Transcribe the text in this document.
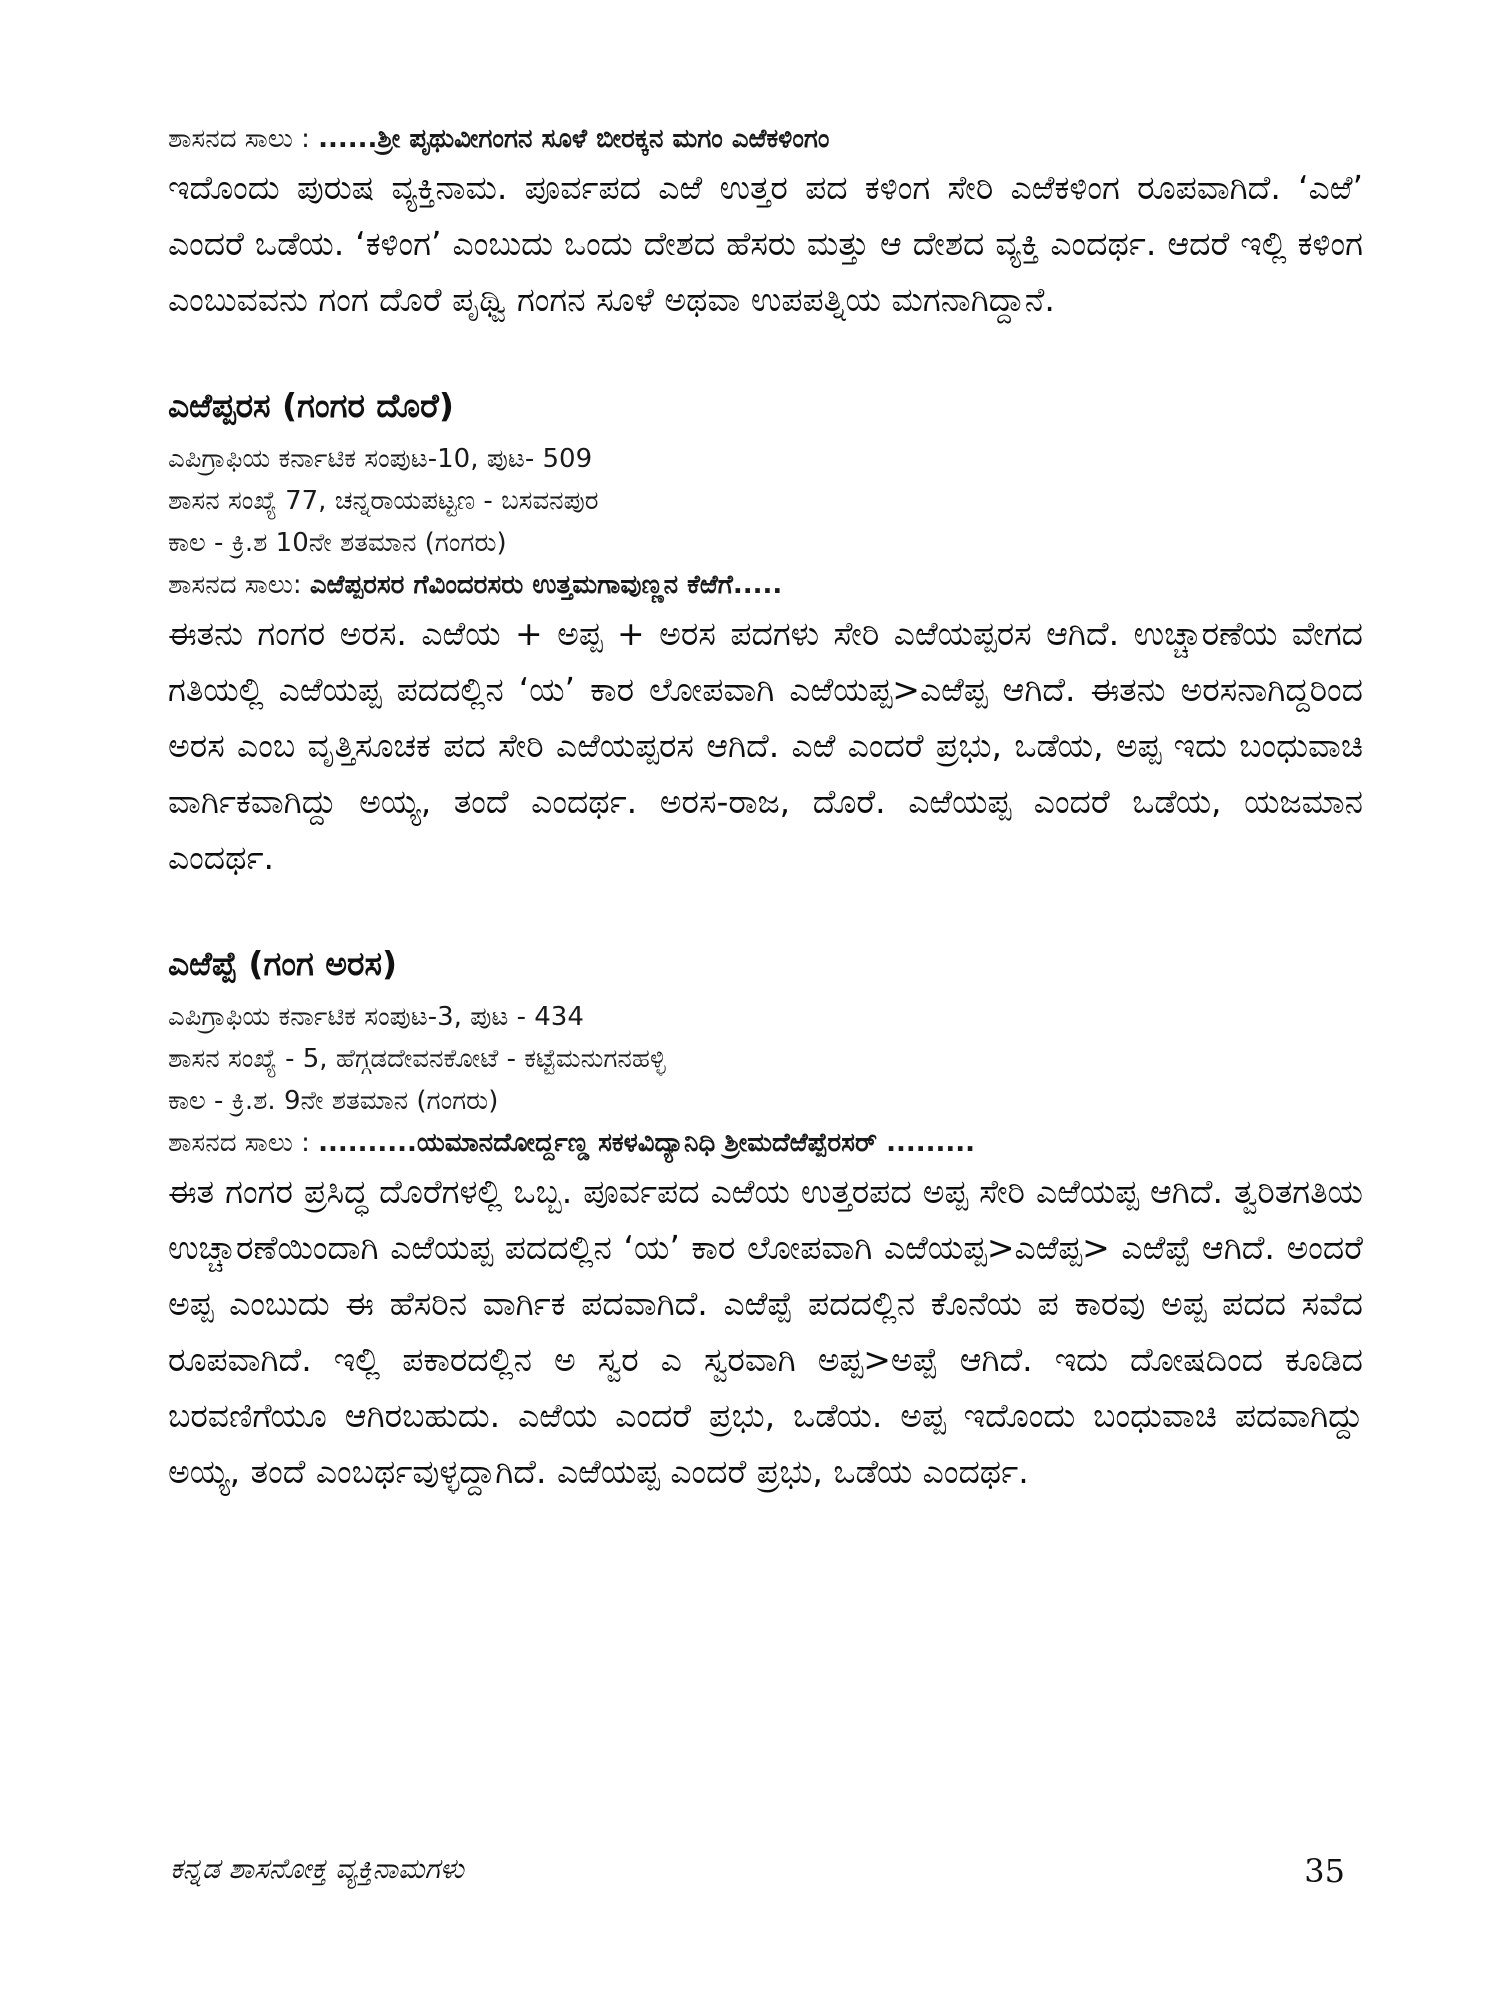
ಶಾಸನದ ಸಾಲು : ......ಶ್ರೀ ಪೃಥುವೀಗಂಗನ ಸೂಳೆ ಬೀರಕ್ಕನ ಮಗಂ ಎಱೆಕಳಿಂಗಂ

ಇದೊಂದು ಪುರುಷ ವ್ಯಕ್ತಿನಾಮ. ಪೂರ್ವಪದ ಎಱೆ ಉತ್ತರ ಪದ ಕಳಿಂಗ ಸೇರಿ ಎಱೆಕಳಿಂಗ ರೂಪವಾಗಿದೆ. ‘ಎಱೆ’ ಎಂದರೆ ಒಡೆಯ. ‘ಕಳಿಂಗ’ ಎಂಬುದು ಒಂದು ದೇಶದ ಹೆಸರು ಮತ್ತು ಆ ದೇಶದ ವ್ಯಕ್ತಿ ಎಂದರ್ಥ. ಆದರೆ ಇಲ್ಲಿ ಕಳಿಂಗ ಎಂಬುವವನು ಗಂಗ ದೊರೆ ಪೃಥ್ವಿ ಗಂಗನ ಸೂಳೆ ಅಥವಾ ಉಪಪತ್ನಿಯ ಮಗನಾಗಿದ್ದಾನೆ.

ಎಱೆಪ್ಪರಸ (ಗಂಗರ ದೊರೆ)
ಎಪಿಗ್ರಾಫಿಯ ಕರ್ನಾಟಿಕ ಸಂಪುಟ-10, ಪುಟ- 509
ಶಾಸನ ಸಂಖ್ಯೆ 77, ಚನ್ನರಾಯಪಟ್ಟಣ - ಬಸವನಪುರ
ಕಾಲ - ಕ್ರಿ.ಶ 10ನೇ ಶತಮಾನ (ಗಂಗರು)
ಶಾಸನದ ಸಾಲು: ಎಱೆಪ್ಪರಸರ ಗೆವಿಂದರಸರು ಉತ್ತಮಗಾವುಣ್ಣನ ಕೆಱೆಗೆ.....

ಈತನು ಗಂಗರ ಅರಸ. ಎಱೆಯ + ಅಪ್ಪ + ಅರಸ ಪದಗಳು ಸೇರಿ ಎಱೆಯಪ್ಪರಸ ಆಗಿದೆ. ಉಚ್ಚಾರಣೆಯ ವೇಗದ ಗತಿಯಲ್ಲಿ ಎಱೆಯಪ್ಪ ಪದದಲ್ಲಿನ ‘ಯ’ ಕಾರ ಲೋಪವಾಗಿ ಎಱೆಯಪ್ಪ>ಎಱೆಪ್ಪ ಆಗಿದೆ. ಈತನು ಅರಸನಾಗಿದ್ದರಿಂದ ಅರಸ ಎಂಬ ವೃತ್ತಿಸೂಚಕ ಪದ ಸೇರಿ ಎಱೆಯಪ್ಪರಸ ಆಗಿದೆ. ಎಱೆ ಎಂದರೆ ಪ್ರಭು, ಒಡೆಯ, ಅಪ್ಪ ಇದು ಬಂಧುವಾಚಿ ವಾರ್ಗಿಕವಾಗಿದ್ದು ಅಯ್ಯ, ತಂದೆ ಎಂದರ್ಥ. ಅರಸ-ರಾಜ, ದೊರೆ. ಎಱೆಯಪ್ಪ ಎಂದರೆ ಒಡೆಯ, ಯಜಮಾನ ಎಂದರ್ಥ.

ಎಱೆಪ್ಪೆ (ಗಂಗ ಅರಸ)
ಎಪಿಗ್ರಾಫಿಯ ಕರ್ನಾಟಿಕ ಸಂಪುಟ-3, ಪುಟ - 434
ಶಾಸನ ಸಂಖ್ಯೆ - 5, ಹೆಗ್ಗಡದೇವನಕೋಟೆ - ಕಟ್ಟೆಮನುಗನಹಳ್ಳಿ
ಕಾಲ - ಕ್ರಿ.ಶ. 9ನೇ ಶತಮಾನ (ಗಂಗರು)
ಶಾಸನದ ಸಾಲು : ..........ಯಮಾನದೋರ್ದ್ದಣ್ಡ ಸಕಳವಿದ್ಯಾನಿಧಿ ಶ್ರೀಮದೆಱೆಪ್ಪೆರಸರ್ .........

ಈತ ಗಂಗರ ಪ್ರಸಿದ್ಧ ದೊರೆಗಳಲ್ಲಿ ಒಬ್ಬ. ಪೂರ್ವಪದ ಎಱೆಯ ಉತ್ತರಪದ ಅಪ್ಪ ಸೇರಿ ಎಱೆಯಪ್ಪ ಆಗಿದೆ. ತ್ವರಿತಗತಿಯ ಉಚ್ಚಾರಣೆಯಿಂದಾಗಿ ಎಱೆಯಪ್ಪ ಪದದಲ್ಲಿನ ‘ಯ’ ಕಾರ ಲೋಪವಾಗಿ ಎಱೆಯಪ್ಪ>ಎಱೆಪ್ಪ> ಎಱೆಪ್ಪೆ ಆಗಿದೆ. ಅಂದರೆ ಅಪ್ಪ ಎಂಬುದು ಈ ಹೆಸರಿನ ವಾರ್ಗಿಕ ಪದವಾಗಿದೆ. ಎಱೆಪ್ಪೆ ಪದದಲ್ಲಿನ ಕೊನೆಯ ಪ ಕಾರವು ಅಪ್ಪ ಪದದ ಸವೆದ ರೂಪವಾಗಿದೆ. ಇಲ್ಲಿ ಪಕಾರದಲ್ಲಿನ ಅ ಸ್ವರ ಎ ಸ್ವರವಾಗಿ ಅಪ್ಪ>ಅಪ್ಪೆ ಆಗಿದೆ. ಇದು ದೋಷದಿಂದ ಕೂಡಿದ ಬರವಣಿಗೆಯೂ ಆಗಿರಬಹುದು. ಎಱೆಯ ಎಂದರೆ ಪ್ರಭು, ಒಡೆಯ. ಅಪ್ಪ ಇದೊಂದು ಬಂಧುವಾಚಿ ಪದವಾಗಿದ್ದು ಅಯ್ಯ, ತಂದೆ ಎಂಬರ್ಥವುಳ್ಳದ್ದಾಗಿದೆ. ಎಱೆಯಪ್ಪ ಎಂದರೆ ಪ್ರಭು, ಒಡೆಯ ಎಂದರ್ಥ.

ಕನ್ನಡ ಶಾಸನೋಕ್ತ ವ್ಯಕ್ತಿನಾಮಗಳು	35
